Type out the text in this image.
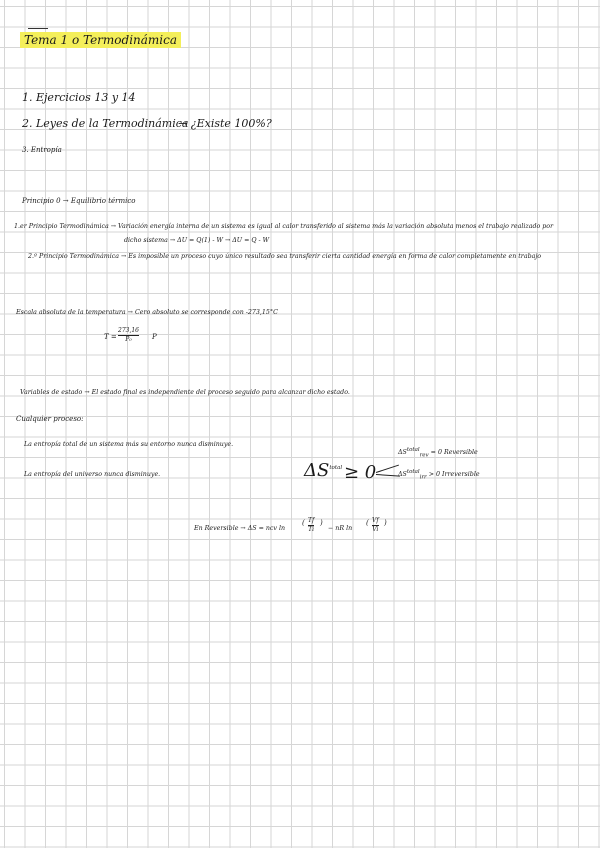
Tema 1 o Termodinámica
1. Ejercicios 13 y 14
2. Leyes de la Termodinámica
→ ¿Existe 100%?
3. Entropía
Principio 0 → Equilibrio térmico
1.er Principio Termodinámica → Variación energía interna de un sistema es igual al calor transferido al sistema más la variación absoluta menos el trabajo realizado por
dicho sistema → ΔU = Q(1) - W → ΔU = Q - W
2.º Principio Termodinámica → Es imposible un proceso cuyo único resultado sea transferir cierta cantidad energía en forma de calor completamente en trabajo
Escala absoluta de la temperatura → Cero absoluto se corresponde con -273,15°C
T =
273,16
P₀	P
Variables de estado → El estado final es independiente del proceso seguido para alcanzar dicho estado.
Cualquier proceso:
La entropía total de un sistema más su entorno nunca disminuye.
La entropía del universo nunca disminuye.	$\Delta S^{total} \ge 0$
ΔStotalrev = 0 Reversible
ΔStotalirr > 0 Irreversible
En Reversible → ΔS = ncv ln
( Tf
Ti
)
− nR ln
( Vf
Vi
)
